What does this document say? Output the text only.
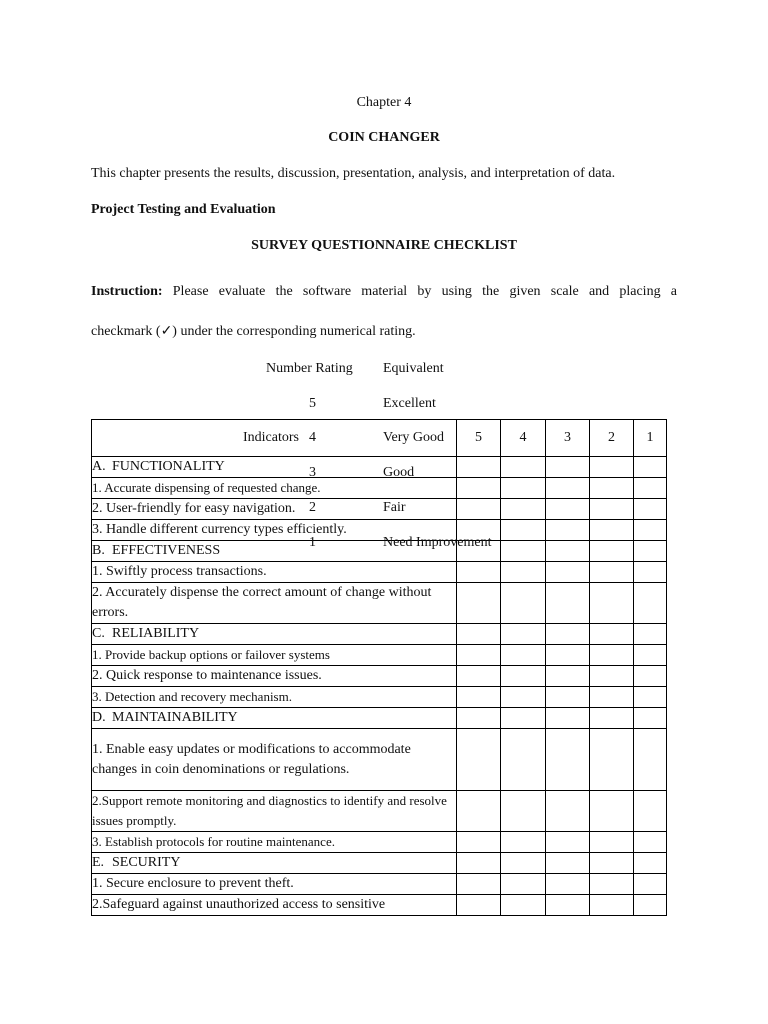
Chapter 4
COIN CHANGER
This chapter presents the results, discussion, presentation, analysis, and interpretation of data.
Project Testing and Evaluation
SURVEY QUESTIONNAIRE CHECKLIST
Instruction: Please evaluate the software material by using the given scale and placing a
checkmark (✓) under the corresponding numerical rating.
Indicators	5	4	3	2	1
A. FUNCTIONALITY					
1. Accurate dispensing of requested change.					
2. User-friendly for easy navigation.					
3. Handle different currency types efficiently.					
B. EFFECTIVENESS					
1. Swiftly process transactions.					
2. Accurately dispense the correct amount of change without errors.					
C. RELIABILITY					
1. Provide backup options or failover systems					
2. Quick response to maintenance issues.					
3. Detection and recovery mechanism.					
D. MAINTAINABILITY					
1. Enable easy updates or modifications to accommodate changes in coin denominations or regulations.					
2.Support remote monitoring and diagnostics to identify and resolve issues promptly.					
3. Establish protocols for routine maintenance.					
E. SECURITY					
1. Secure enclosure to prevent theft.					
2.Safeguard against unauthorized access to sensitive					
Number Rating Equivalent
5	Excellent
4	Very Good
3	Good
2	Fair
1	Need Improvement
